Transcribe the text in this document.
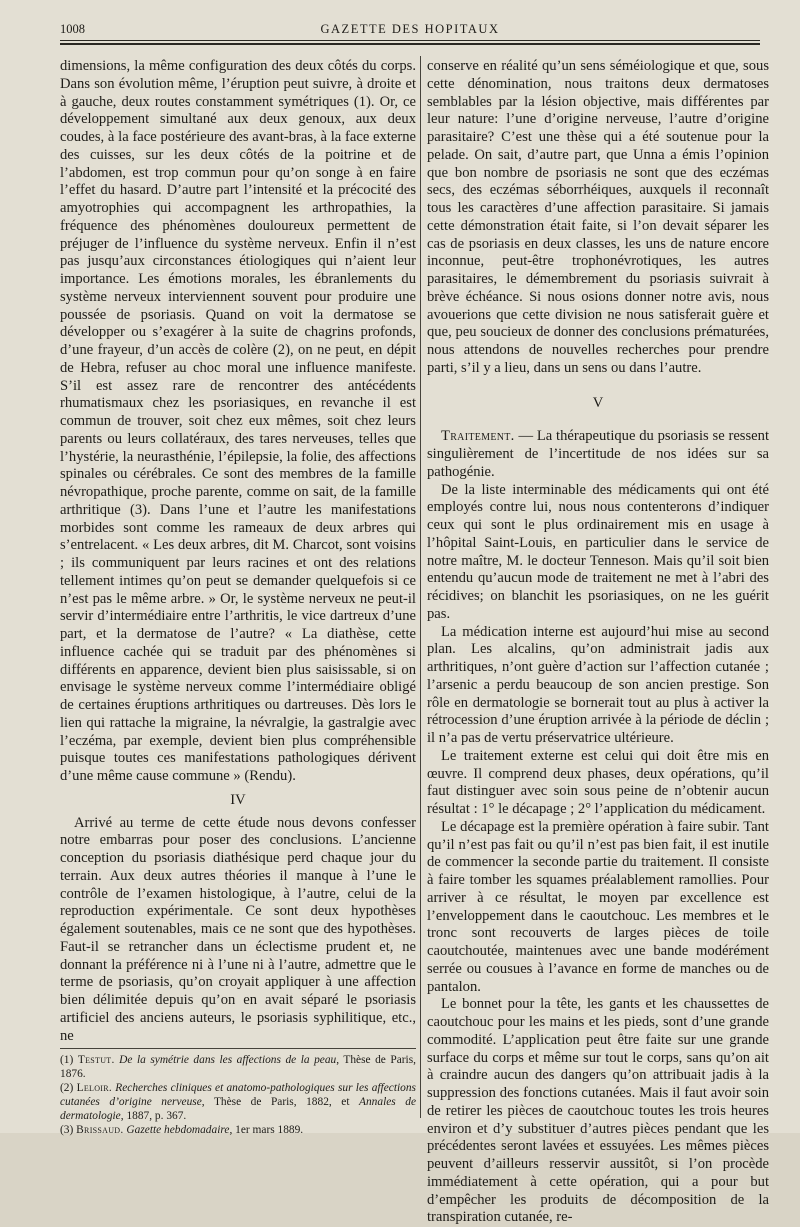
1008	GAZETTE DES HOPITAUX

dimensions, la même configuration des deux côtés du corps. Dans son évolution même, l’éruption peut suivre, à droite et à gauche, deux routes constamment symétriques (1). Or, ce développement simultané aux deux genoux, aux deux coudes, à la face postérieure des avant-bras, à la face externe des cuisses, sur les deux côtés de la poitrine et de l’abdomen, est trop commun pour qu’on songe à en faire l’effet du hasard. D’autre part l’intensité et la précocité des amyotrophies qui accompagnent les arthropathies, la fréquence des phénomènes douloureux permettent de préjuger de l’influence du système nerveux. Enfin il n’est pas jusqu’aux circonstances étiologiques qui n’aient leur importance. Les émotions morales, les ébranlements du système nerveux interviennent souvent pour produire une poussée de psoriasis. Quand on voit la dermatose se développer ou s’exagérer à la suite de chagrins profonds, d’une frayeur, d’un accès de colère (2), on ne peut, en dépit de Hebra, refuser au choc moral une influence manifeste. S’il est assez rare de rencontrer des antécédents rhumatismaux chez les psoriasiques, en revanche il est commun de trouver, soit chez eux mêmes, soit chez leurs parents ou leurs collatéraux, des tares nerveuses, telles que l’hystérie, la neurasthénie, l’épilepsie, la folie, des affections spinales ou cérébrales. Ce sont des membres de la famille névropathique, proche parente, comme on sait, de la famille arthritique (3). Dans l’une et l’autre les manifestations morbides sont comme les rameaux de deux arbres qui s’entrelacent. « Les deux arbres, dit M. Charcot, sont voisins ; ils communiquent par leurs racines et ont des relations tellement intimes qu’on peut se demander quelquefois si ce n’est pas le même arbre. » Or, le système nerveux ne peut-il servir d’intermédiaire entre l’arthritis, le vice dartreux d’une part, et la dermatose de l’autre? « La diathèse, cette influence cachée qui se traduit par des phénomènes si différents en apparence, devient bien plus saisissable, si on envisage le système nerveux comme l’intermédiaire obligé de certaines éruptions arthritiques ou dartreuses. Dès lors le lien qui rattache la migraine, la névralgie, la gastralgie avec l’eczéma, par exemple, devient bien plus compréhensible puisque toutes ces manifestations pathologiques dérivent d’une même cause commune » (Rendu).

IV

Arrivé au terme de cette étude nous devons confesser notre embarras pour poser des conclusions. L’ancienne conception du psoriasis diathésique perd chaque jour du terrain. Aux deux autres théories il manque à l’une le contrôle de l’examen histologique, à l’autre, celui de la reproduction expérimentale. Ce sont deux hypothèses également soutenables, mais ce ne sont que des hypothèses. Faut-il se retrancher dans un éclectisme prudent et, ne donnant la préférence ni à l’une ni à l’autre, admettre que le terme de psoriasis, qu’on croyait appliquer à une affection bien délimitée depuis qu’on en avait séparé le psoriasis artificiel des anciens auteurs, le psoriasis syphilitique, etc., ne

(1) Testut. De la symétrie dans les affections de la peau, Thèse de Paris, 1876.

(2) Leloir. Recherches cliniques et anatomo-pathologiques sur les affections cutanées d’origine nerveuse, Thèse de Paris, 1882, et Annales de dermatologie, 1887, p. 367.

(3) Brissaud. Gazette hebdomadaire, 1er mars 1889.

conserve en réalité qu’un sens séméiologique et que, sous cette dénomination, nous traitons deux dermatoses semblables par la lésion objective, mais différentes par leur nature: l’une d’origine nerveuse, l’autre d’origine parasitaire? C’est une thèse qui a été soutenue pour la pelade. On sait, d’autre part, que Unna a émis l’opinion que bon nombre de psoriasis ne sont que des eczémas secs, des eczémas séborrhéiques, auxquels il reconnaît tous les caractères d’une affection parasitaire. Si jamais cette démonstration était faite, si l’on devait séparer les cas de psoriasis en deux classes, les uns de nature encore inconnue, peut-être trophonévrotiques, les autres parasitaires, le démembrement du psoriasis suivrait à brève échéance. Si nous osions donner notre avis, nous avouerions que cette division ne nous satisferait guère et que, peu soucieux de donner des conclusions prématurées, nous attendons de nouvelles recherches pour prendre parti, s’il y a lieu, dans un sens ou dans l’autre.

V

Traitement. — La thérapeutique du psoriasis se ressent singulièrement de l’incertitude de nos idées sur sa pathogénie.

De la liste interminable des médicaments qui ont été employés contre lui, nous nous contenterons d’indiquer ceux qui sont le plus ordinairement mis en usage à l’hôpital Saint-Louis, en particulier dans le service de notre maître, M. le docteur Tenneson. Mais qu’il soit bien entendu qu’aucun mode de traitement ne met à l’abri des récidives; on blanchit les psoriasiques, on ne les guérit pas.

La médication interne est aujourd’hui mise au second plan. Les alcalins, qu’on administrait jadis aux arthritiques, n’ont guère d’action sur l’affection cutanée ; l’arsenic a perdu beaucoup de son ancien prestige. Son rôle en dermatologie se bornerait tout au plus à activer la rétrocession d’une éruption arrivée à la période de déclin ; il n’a pas de vertu préservatrice ultérieure.

Le traitement externe est celui qui doit être mis en œuvre. Il comprend deux phases, deux opérations, qu’il faut distinguer avec soin sous peine de n’obtenir aucun résultat : 1° le décapage ; 2° l’application du médicament.

Le décapage est la première opération à faire subir. Tant qu’il n’est pas fait ou qu’il n’est pas bien fait, il est inutile de commencer la seconde partie du traitement. Il consiste à faire tomber les squames préalablement ramollies. Pour arriver à ce résultat, le moyen par excellence est l’enveloppement dans le caoutchouc. Les membres et le tronc sont recouverts de larges pièces de toile caoutchoutée, maintenues avec une bande modérément serrée ou cousues à l’avance en forme de manches ou de pantalon.

Le bonnet pour la tête, les gants et les chaussettes de caoutchouc pour les mains et les pieds, sont d’une grande commodité. L’application peut être faite sur une grande surface du corps et même sur tout le corps, sans qu’on ait à craindre aucun des dangers qu’on attribuait jadis à la suppression des fonctions cutanées. Mais il faut avoir soin de retirer les pièces de caoutchouc toutes les trois heures environ et d’y substituer d’autres pièces pendant que les précédentes seront lavées et essuyées. Les mêmes pièces peuvent d’ailleurs resservir aussitôt, si l’on procède immédiatement à cette opération, qui a pour but d’empêcher les produits de décomposition de la transpiration cutanée, re-
